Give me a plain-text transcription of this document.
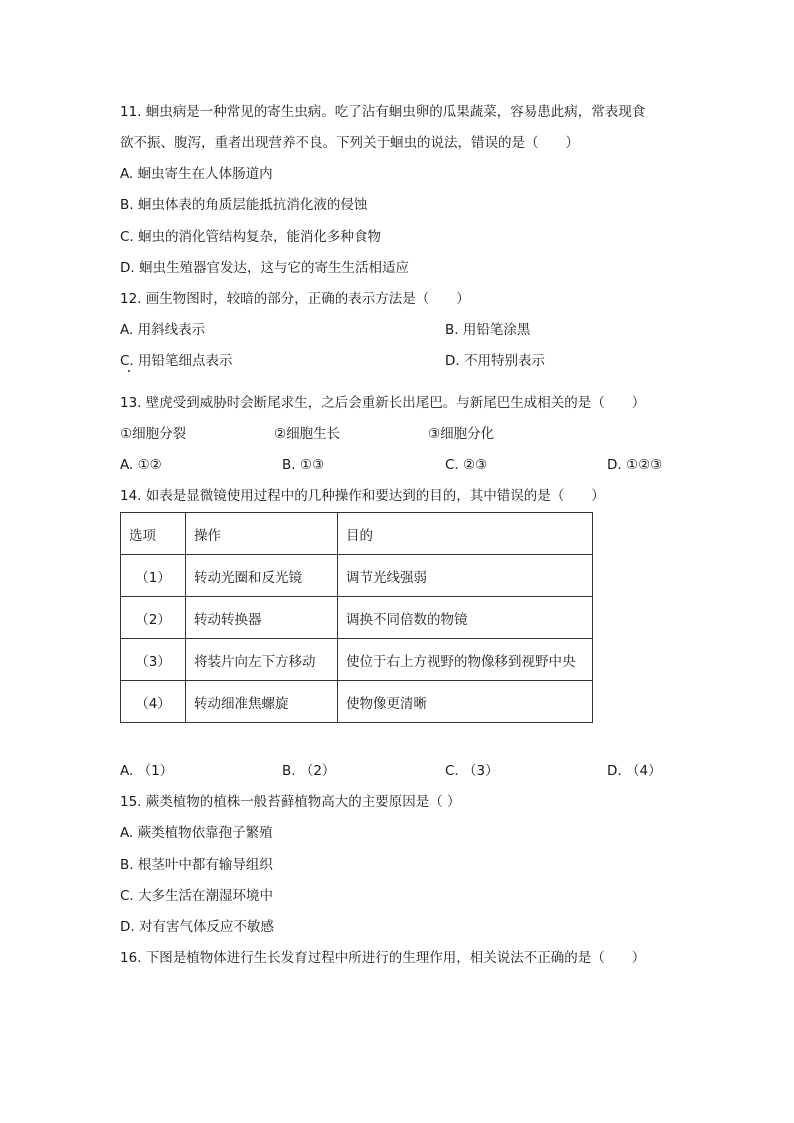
11. 蛔虫病是一种常见的寄生虫病。吃了沾有蛔虫卵的瓜果蔬菜，容易患此病，常表现食
欲不振、腹泻，重者出现营养不良。下列关于蛔虫的说法，错误的是（　　）
A. 蛔虫寄生在人体肠道内
B. 蛔虫体表的角质层能抵抗消化液的侵蚀
C. 蛔虫的消化管结构复杂，能消化多种食物
D. 蛔虫生殖器官发达，这与它的寄生生活相适应
12. 画生物图时，较暗的部分，正确的表示方法是（　　）
A. 用斜线表示	B. 用铅笔涂黑
C. 用铅笔细点表示	D. 不用特别表示
13. 壁虎受到威胁时会断尾求生，之后会重新长出尾巴。与新尾巴生成相关的是（　　）
①细胞分裂	②细胞生长	③细胞分化
A. ①②	B. ①③	C. ②③	D. ①②③
14. 如表是显微镜使用过程中的几种操作和要达到的目的，其中错误的是（　　）
选项	操作	目的
（1）	转动光圈和反光镜	调节光线强弱
（2）	转动转换器	调换不同倍数的物镜
（3）	将装片向左下方移动	使位于右上方视野的物像移到视野中央
（4）	转动细准焦螺旋	使物像更清晰
A. （1）	B. （2）	C. （3）	D. （4）
15. 蕨类植物的植株一般苔藓植物高大的主要原因是（ ）
A. 蕨类植物依靠孢子繁殖
B. 根茎叶中都有输导组织
C. 大多生活在潮湿环境中
D. 对有害气体反应不敏感
16. 下图是植物体进行生长发育过程中所进行的生理作用，相关说法不正确的是（　　）
